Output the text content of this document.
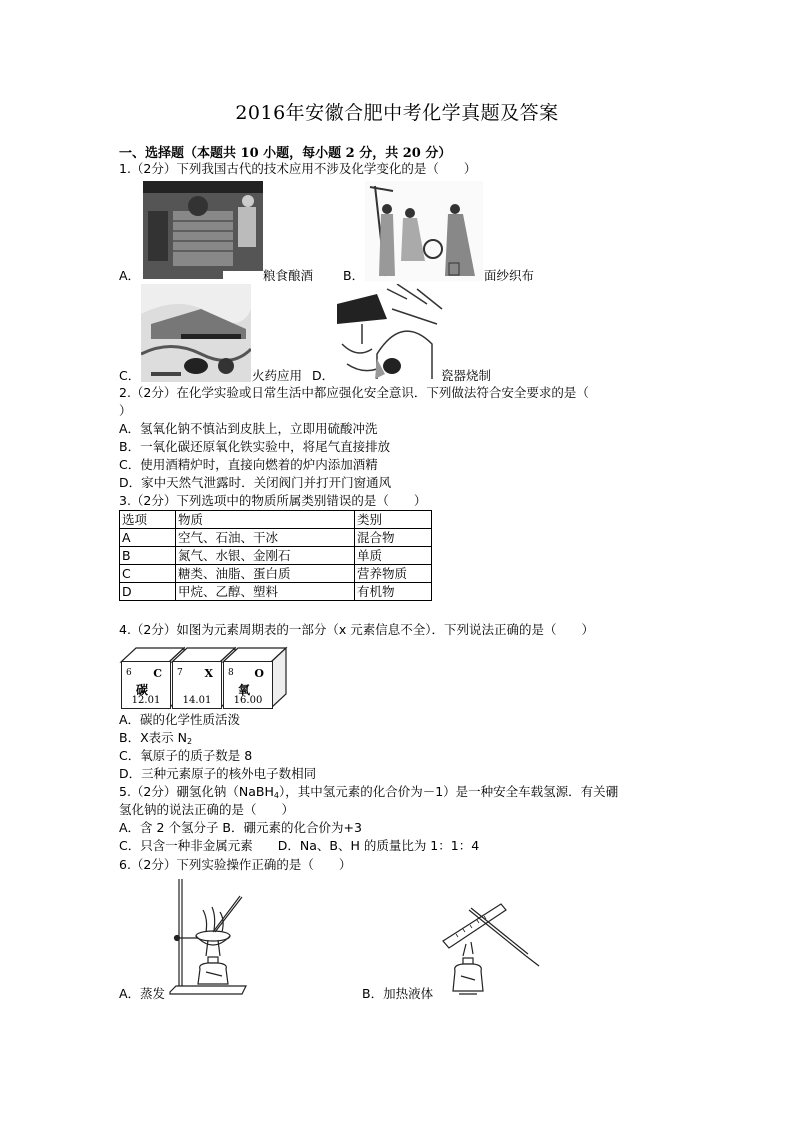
2016年安徽合肥中考化学真题及答案
一、选择题（本题共 10 小题，每小题 2 分，共 20 分）
1.（2分）下列我国古代的技术应用不涉及化学变化的是（　　）
A．	粮食酿酒 B．	面纱织布
C．	火药应用 D．	瓷器烧制
2.（2分）在化学实验或日常生活中都应强化安全意识．下列做法符合安全要求的是（
）
A．氢氧化钠不慎沾到皮肤上，立即用硫酸冲洗
B．一氧化碳还原氧化铁实验中，将尾气直接排放
C．使用酒精炉时，直接向燃着的炉内添加酒精
D．家中天然气泄露时．关闭阀门并打开门窗通风
3.（2分）下列选项中的物质所属类别错误的是（　　）
选项	物质	类别
A	空气、石油、干冰	混合物
B	氮气、水银、金刚石	单质
C	糖类、油脂、蛋白质	营养物质
D	甲烷、乙醇、塑料	有机物
4.（2分）如图为元素周期表的一部分（x 元素信息不全）．下列说法正确的是（　　）
6 C
碳
12.01
7 X
14.01
8 O
氧
16.00
A．碳的化学性质活泼
B．X表示 $N_2$
C．氧原子的质子数是 8
D．三种元素原子的核外电子数相同
5.（2分）硼氢化钠（NaBH$_4$），其中氢元素的化合价为－1）是一种安全车载氢源．有关硼
氢化钠的说法正确的是（　　）
A．含 2 个氢分子 B．硼元素的化合价为+3
C．只含一种非金属元素　　D．Na、B、H 的质量比为 1：1：4
6.（2分）下列实验操作正确的是（　　）
A．蒸发	B．加热液体
